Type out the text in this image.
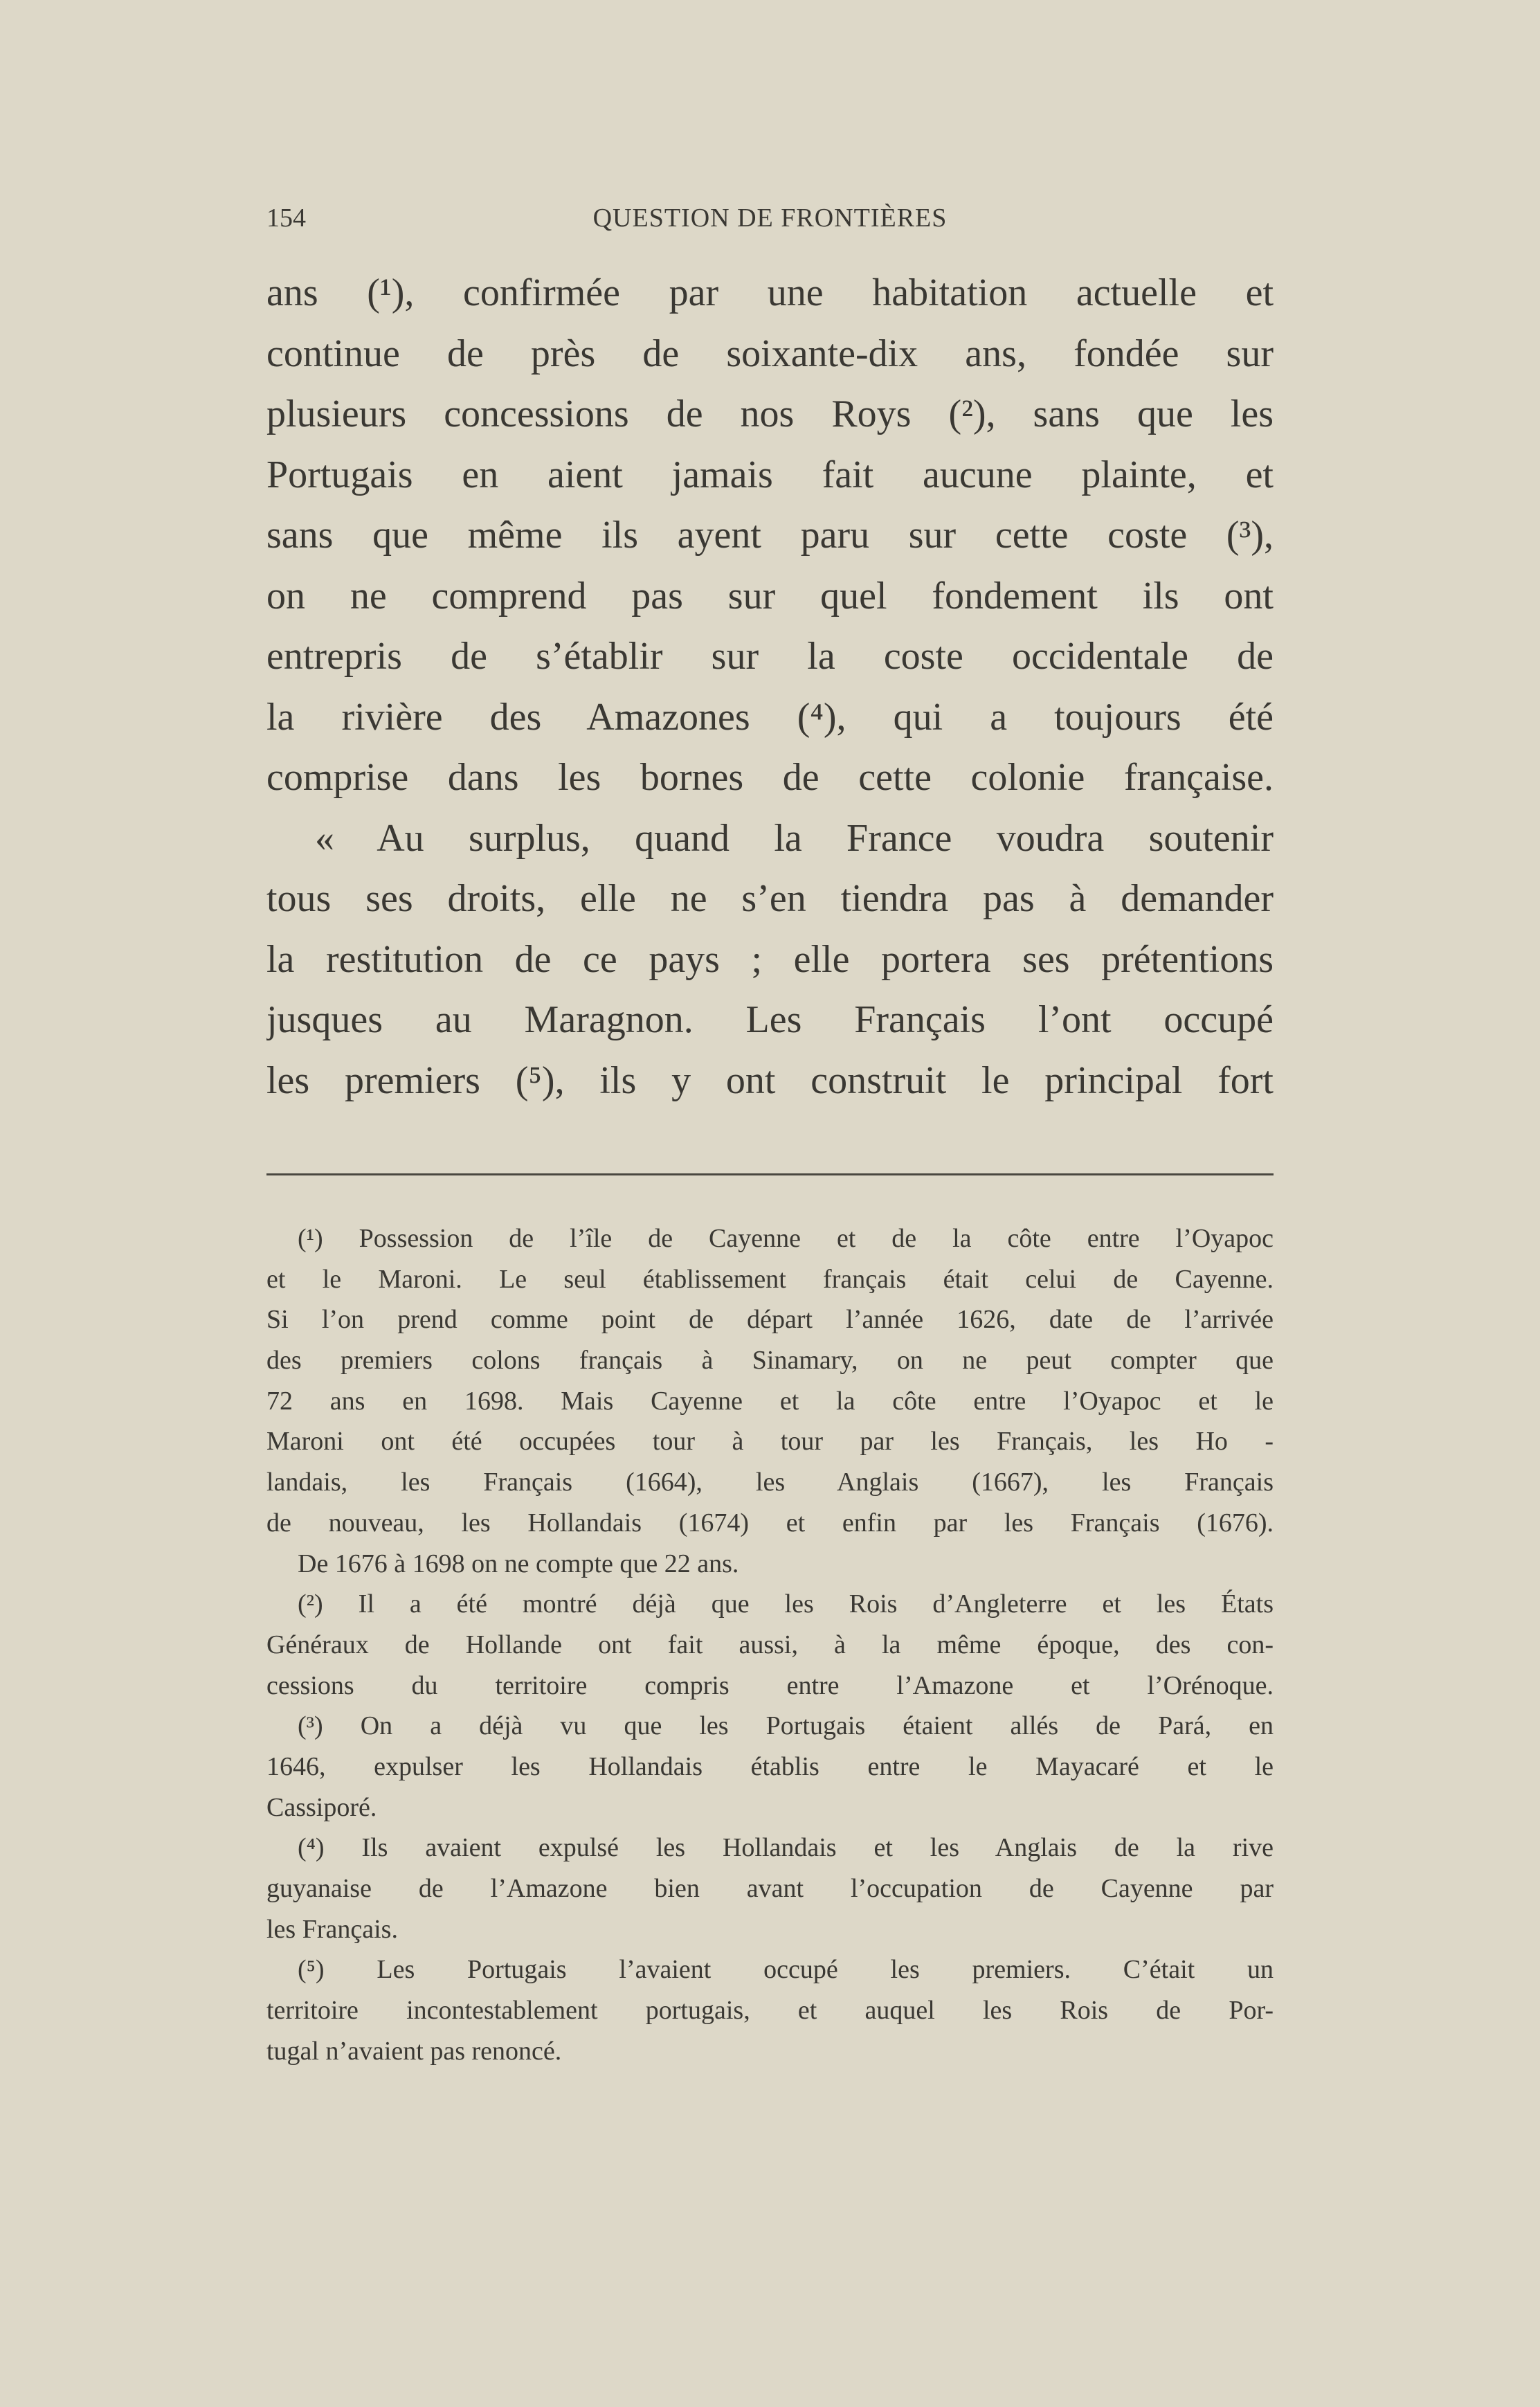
154	QUESTION DE FRONTIÈRES
ans (¹), confirmée par une habitation actuelle et
continue de près de soixante-dix ans, fondée sur
plusieurs concessions de nos Roys (²), sans que les
Portugais en aient jamais fait aucune plainte, et
sans que même ils ayent paru sur cette coste (³),
on ne comprend pas sur quel fondement ils ont
entrepris de s’établir sur la coste occidentale de
la rivière des Amazones (⁴), qui a toujours été
comprise dans les bornes de cette colonie française.
« Au surplus, quand la France voudra soutenir
tous ses droits, elle ne s’en tiendra pas à demander
la restitution de ce pays ; elle portera ses prétentions
jusques au Maragnon. Les Français l’ont occupé
les premiers (⁵), ils y ont construit le principal fort
(¹) Possession de l’île de Cayenne et de la côte entre l’Oyapoc
et le Maroni. Le seul établissement français était celui de Cayenne.
Si l’on prend comme point de départ l’année 1626, date de l’arrivée
des premiers colons français à Sinamary, on ne peut compter que
72 ans en 1698. Mais Cayenne et la côte entre l’Oyapoc et le
Maroni ont été occupées tour à tour par les Français, les Ho -
landais, les Français (1664), les Anglais (1667), les Français
de nouveau, les Hollandais (1674) et enfin par les Français (1676).
De 1676 à 1698 on ne compte que 22 ans.
(²) Il a été montré déjà que les Rois d’Angleterre et les États
Généraux de Hollande ont fait aussi, à la même époque, des con-
cessions du territoire compris entre l’Amazone et l’Orénoque.
(³) On a déjà vu que les Portugais étaient allés de Pará, en
1646, expulser les Hollandais établis entre le Mayacaré et le
Cassiporé.
(⁴) Ils avaient expulsé les Hollandais et les Anglais de la rive
guyanaise de l’Amazone bien avant l’occupation de Cayenne par
les Français.
(⁵) Les Portugais l’avaient occupé les premiers. C’était un
territoire incontestablement portugais, et auquel les Rois de Por-
tugal n’avaient pas renoncé.
